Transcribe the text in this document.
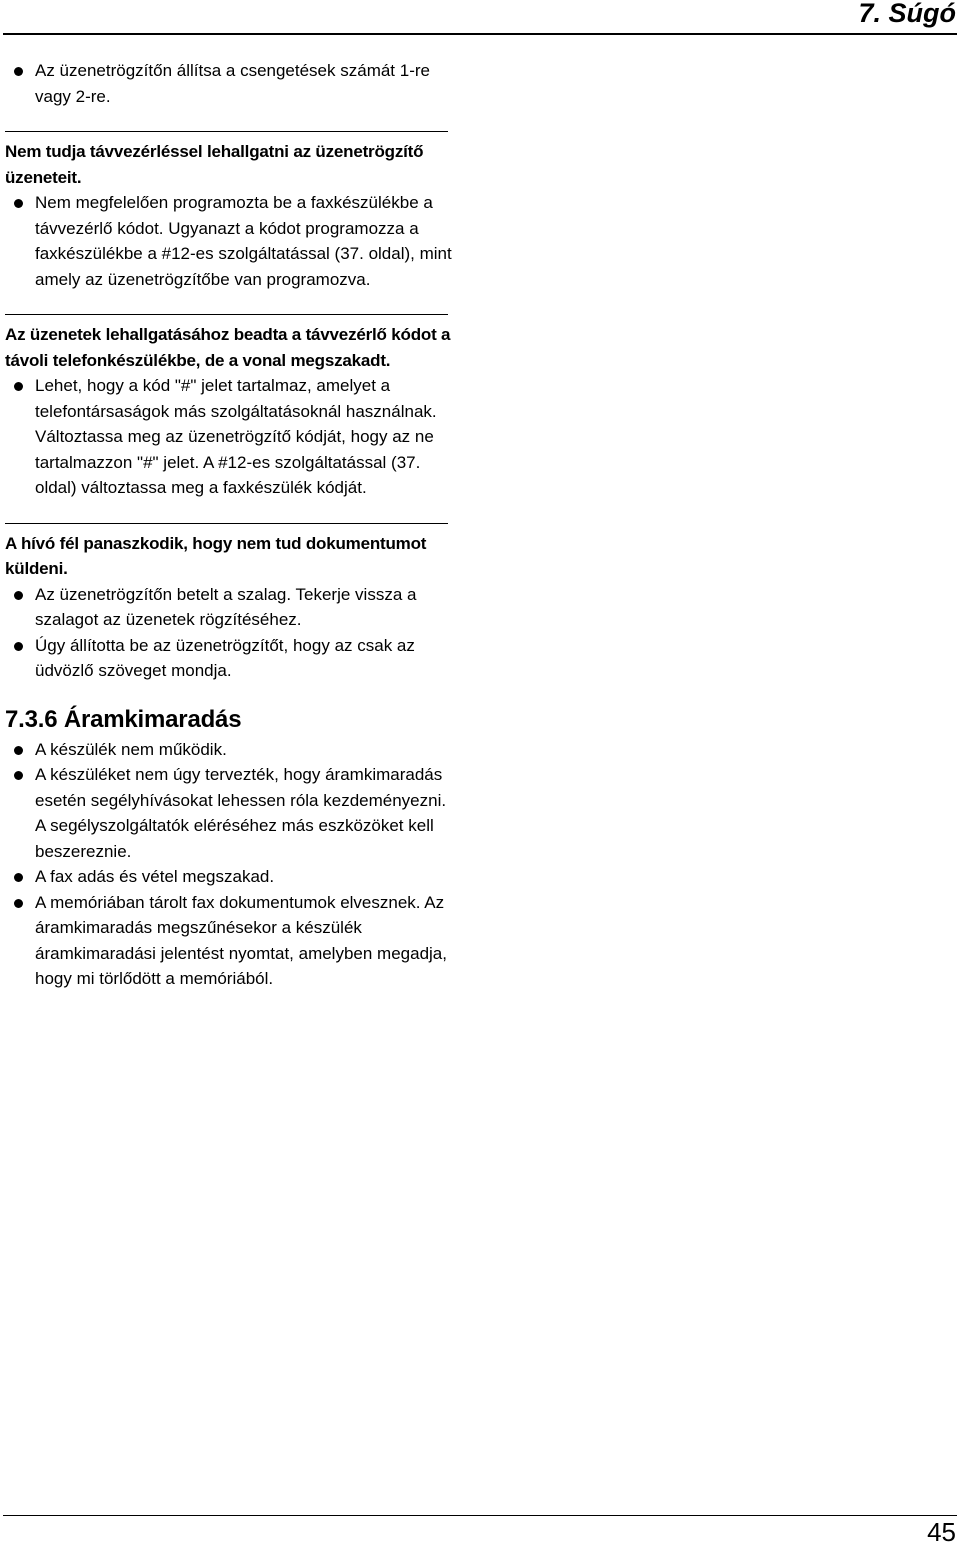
7. Súgó
Az üzenetrögzítőn állítsa a csengetések számát 1-re vagy 2-re.
Nem tudja távvezérléssel lehallgatni az üzenetrögzítő üzeneteit.
Nem megfelelően programozta be a faxkészülékbe a távvezérlő kódot. Ugyanazt a kódot programozza a faxkészülékbe a #12-es szolgáltatással (37. oldal), mint amely az üzenetrögzítőbe van programozva.
Az üzenetek lehallgatásához beadta a távvezérlő kódot a távoli telefonkészülékbe, de a vonal megszakadt.
Lehet, hogy a kód "#" jelet tartalmaz, amelyet a telefontársaságok más szolgáltatásoknál használnak. Változtassa meg az üzenetrögzítő kódját, hogy az ne tartalmazzon "#" jelet. A #12-es szolgáltatással (37. oldal) változtassa meg a faxkészülék kódját.
A hívó fél panaszkodik, hogy nem tud dokumentumot küldeni.
Az üzenetrögzítőn betelt a szalag. Tekerje vissza a szalagot az üzenetek rögzítéséhez.
Úgy állította be az üzenetrögzítőt, hogy az csak az üdvözlő szöveget mondja.
7.3.6 Áramkimaradás
A készülék nem működik.
A készüléket nem úgy tervezték, hogy áramkimaradás esetén segélyhívásokat lehessen róla kezdeményezni. A segélyszolgáltatók eléréséhez más eszközöket kell beszereznie.
A fax adás és vétel megszakad.
A memóriában tárolt fax dokumentumok elvesznek. Az áramkimaradás megszűnésekor a készülék áramkimaradási jelentést nyomtat, amelyben megadja, hogy mi törlődött a memóriából.
45
